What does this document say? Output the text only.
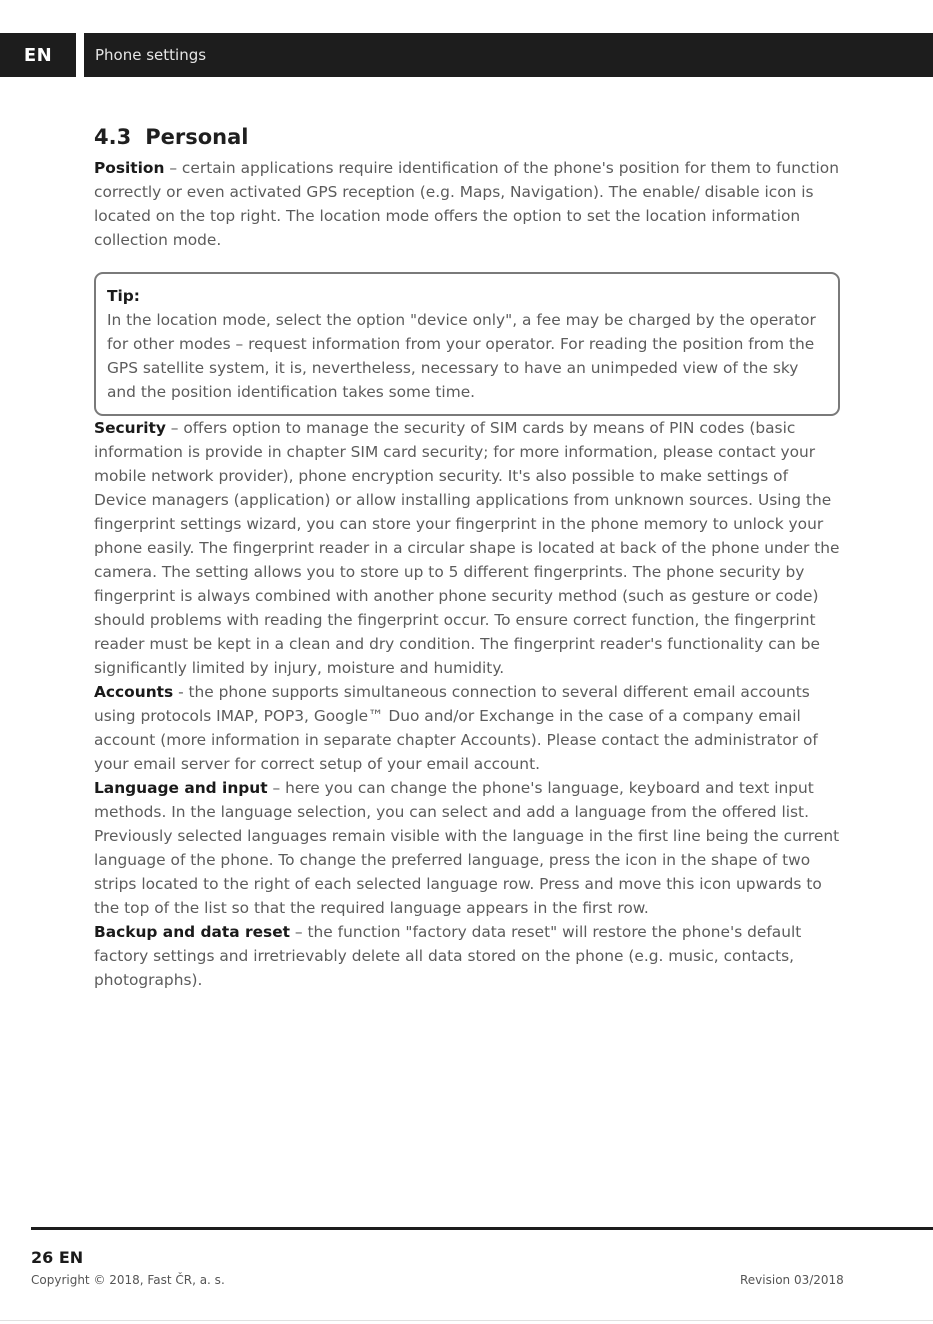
EN	Phone settings
4.3 Personal

Position – certain applications require identification of the phone's position for them to function correctly or even activated GPS reception (e.g. Maps, Navigation). The enable/ disable icon is located on the top right. The location mode offers the option to set the location information collection mode.

Tip:

In the location mode, select the option "device only", a fee may be charged by the operator for other modes – request information from your operator. For reading the position from the GPS satellite system, it is, nevertheless, necessary to have an unimpeded view of the sky and the position identification takes some time.

Security – offers option to manage the security of SIM cards by means of PIN codes (basic information is provide in chapter SIM card security; for more information, please contact your mobile network provider), phone encryption security. It's also possible to make settings of Device managers (application) or allow installing applications from unknown sources. Using the fingerprint settings wizard, you can store your fingerprint in the phone memory to unlock your phone easily. The fingerprint reader in a circular shape is located at back of the phone under the camera. The setting allows you to store up to 5 different fingerprints. The phone security by fingerprint is always combined with another phone security method (such as gesture or code) should problems with reading the fingerprint occur. To ensure correct function, the fingerprint reader must be kept in a clean and dry condition. The fingerprint reader's functionality can be significantly limited by injury, moisture and humidity.

Accounts - the phone supports simultaneous connection to several different email accounts using protocols IMAP, POP3, Google™ Duo and/or Exchange in the case of a company email account (more information in separate chapter Accounts). Please contact the administrator of your email server for correct setup of your email account.

Language and input – here you can change the phone's language, keyboard and text input methods. In the language selection, you can select and add a language from the offered list. Previously selected languages remain visible with the language in the first line being the current language of the phone. To change the preferred language, press the icon in the shape of two strips located to the right of each selected language row. Press and move this icon upwards to the top of the list so that the required language appears in the first row.

Backup and data reset – the function "factory data reset" will restore the phone's default factory settings and irretrievably delete all data stored on the phone (e.g. music, contacts, photographs).

26 EN
Copyright © 2018, Fast ČR, a. s.	Revision 03/2018
